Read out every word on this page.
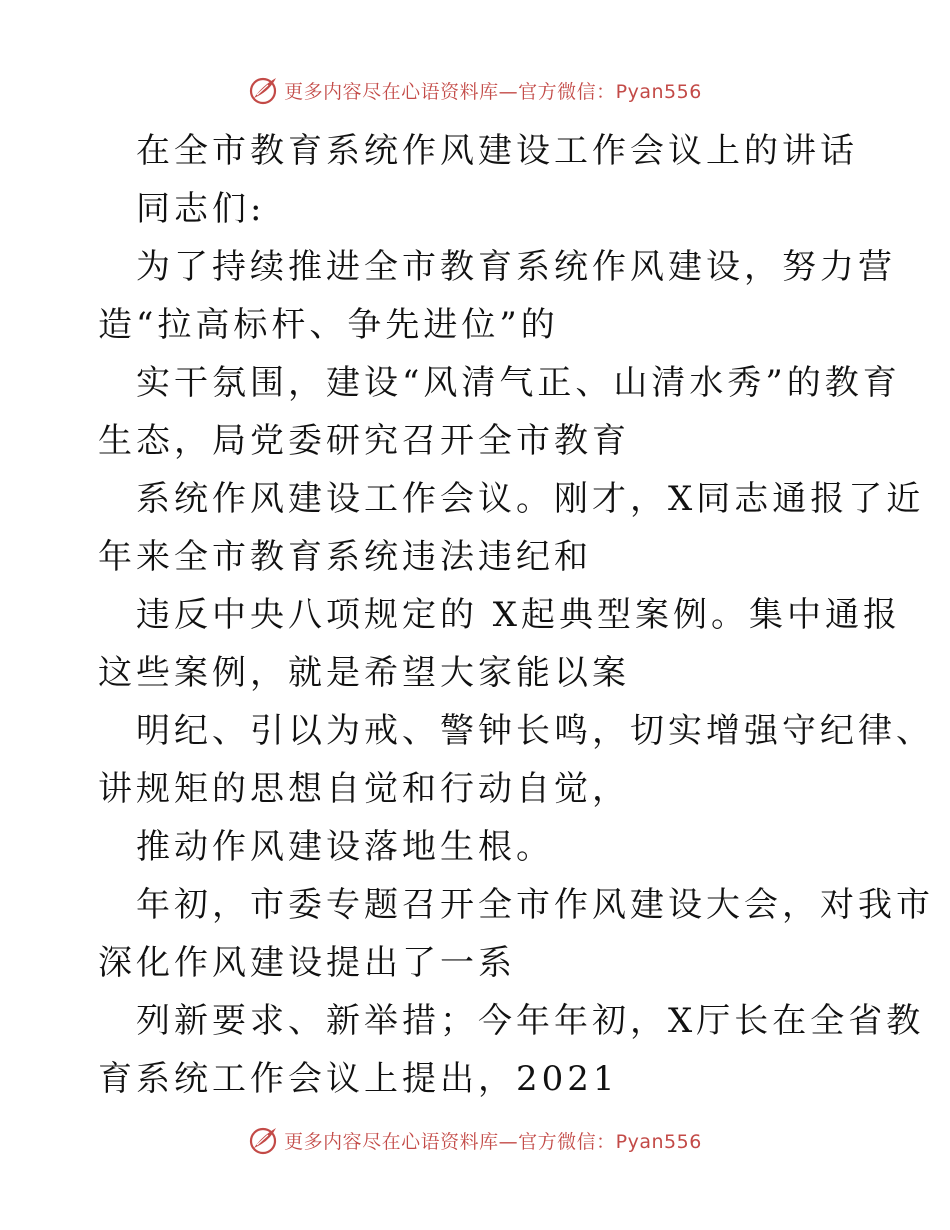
更多内容尽在心语资料库—官方微信：Pyan556
在全市教育系统作风建设工作会议上的讲话
同志们:
为了持续推进全市教育系统作风建设，努力营
造“拉高标杆、争先进位”的
实干氛围，建设“风清气正、山清水秀”的教育
生态，局党委研究召开全市教育
系统作风建设工作会议。刚才，X同志通报了近
年来全市教育系统违法违纪和
违反中央八项规定的 X起典型案例。集中通报
这些案例，就是希望大家能以案
明纪、引以为戒、警钟长鸣，切实增强守纪律、
讲规矩的思想自觉和行动自觉，
推动作风建设落地生根。
年初，市委专题召开全市作风建设大会，对我市
深化作风建设提出了一系
列新要求、新举措；今年年初，X厅长在全省教
育系统工作会议上提出，2021
更多内容尽在心语资料库—官方微信：Pyan556
